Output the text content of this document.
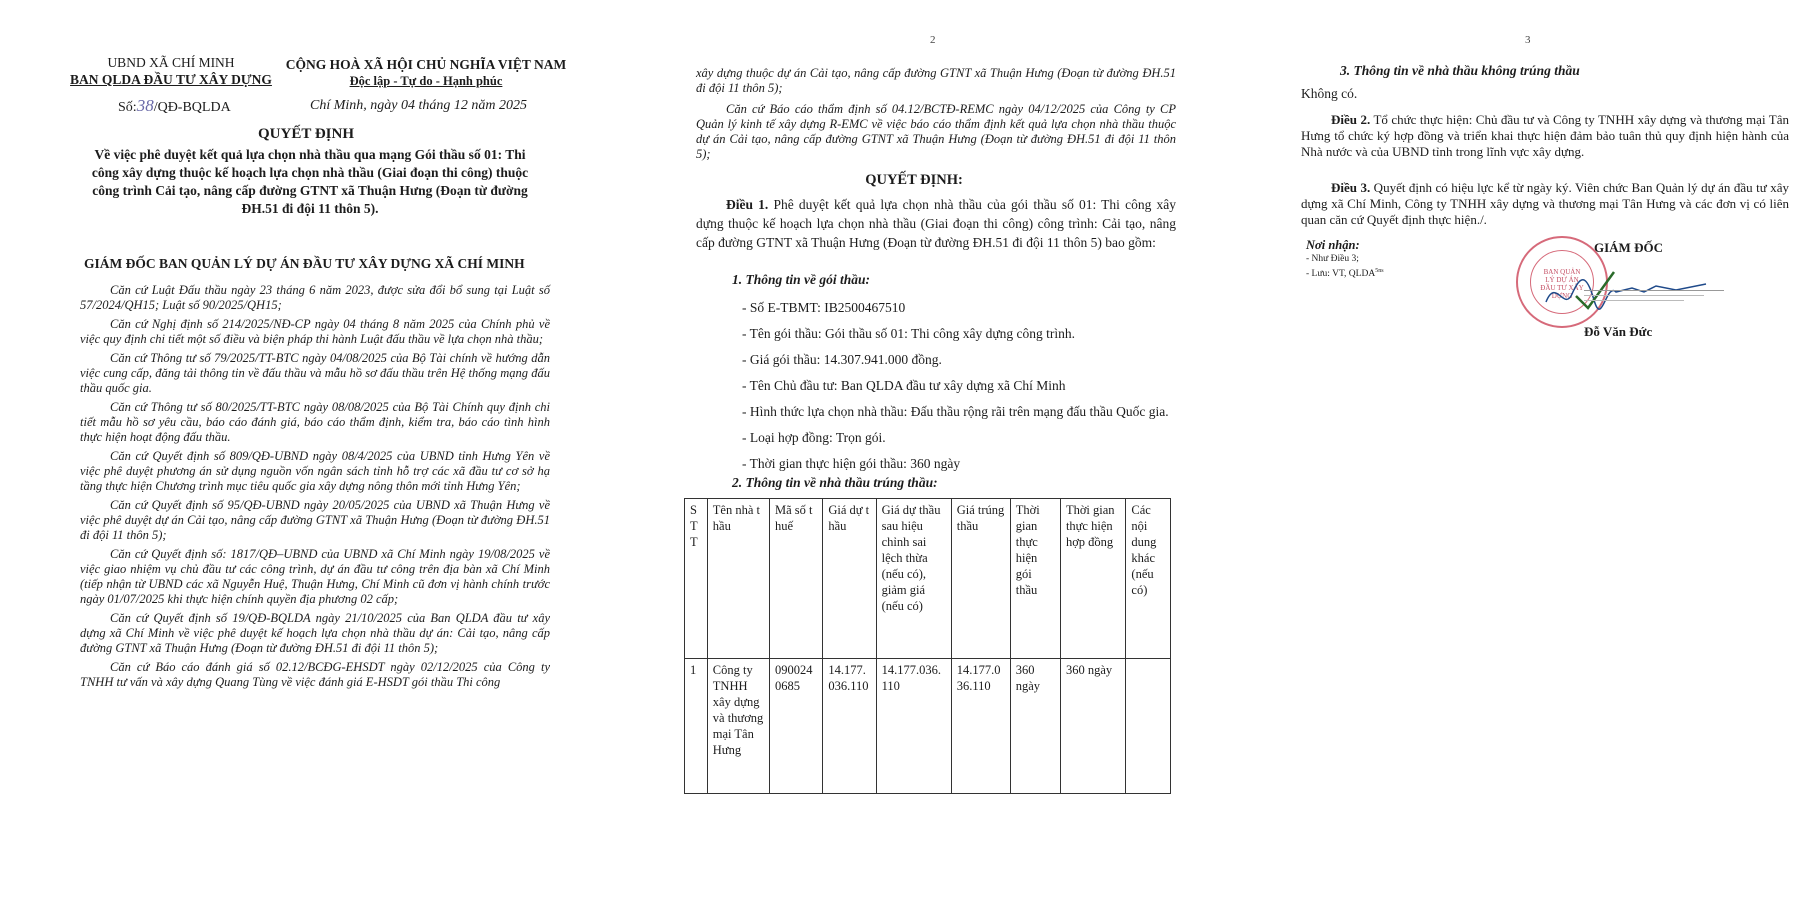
UBND XÃ CHÍ MINH
BAN QLDA ĐẦU TƯ XÂY DỰNG
CỘNG HOÀ XÃ HỘI CHỦ NGHĨA VIỆT NAM
Độc lập - Tự do - Hạnh phúc
Số:38/QĐ-BQLDA	Chí Minh, ngày 04 tháng 12 năm 2025
QUYẾT ĐỊNH
Về việc phê duyệt kết quả lựa chọn nhà thầu qua mạng Gói thầu số 01: Thi công xây dựng thuộc kế hoạch lựa chọn nhà thầu (Giai đoạn thi công) thuộc công trình Cải tạo, nâng cấp đường GTNT xã Thuận Hưng (Đoạn từ đường ĐH.51 đi đội 11 thôn 5).
GIÁM ĐỐC BAN QUẢN LÝ DỰ ÁN ĐẦU TƯ XÂY DỰNG XÃ CHÍ MINH
Căn cứ Luật Đấu thầu ngày 23 tháng 6 năm 2023, được sửa đổi bổ sung tại Luật số 57/2024/QH15; Luật số 90/2025/QH15;
Căn cứ Nghị định số 214/2025/NĐ-CP ngày 04 tháng 8 năm 2025 của Chính phủ về việc quy định chi tiết một số điều và biện pháp thi hành Luật đấu thầu về lựa chọn nhà thầu;
Căn cứ Thông tư số 79/2025/TT-BTC ngày 04/08/2025 của Bộ Tài chính về hướng dẫn việc cung cấp, đăng tải thông tin về đấu thầu và mẫu hồ sơ đấu thầu trên Hệ thống mạng đấu thầu quốc gia.
Căn cứ Thông tư số 80/2025/TT-BTC ngày 08/08/2025 của Bộ Tài Chính quy định chi tiết mẫu hồ sơ yêu cầu, báo cáo đánh giá, báo cáo thẩm định, kiểm tra, báo cáo tình hình thực hiện hoạt động đấu thầu.
Căn cứ Quyết định số 809/QĐ-UBND ngày 08/4/2025 của UBND tỉnh Hưng Yên về việc phê duyệt phương án sử dụng nguồn vốn ngân sách tỉnh hỗ trợ các xã đầu tư cơ sở hạ tầng thực hiện Chương trình mục tiêu quốc gia xây dựng nông thôn mới tỉnh Hưng Yên;
Căn cứ Quyết định số 95/QĐ-UBND ngày 20/05/2025 của UBND xã Thuận Hưng về việc phê duyệt dự án Cải tạo, nâng cấp đường GTNT xã Thuận Hưng (Đoạn từ đường ĐH.51 đi đội 11 thôn 5);
Căn cứ Quyết định số: 1817/QĐ–UBND của UBND xã Chí Minh ngày 19/08/2025 về việc giao nhiệm vụ chủ đầu tư các công trình, dự án đầu tư công trên địa bàn xã Chí Minh (tiếp nhận từ UBND các xã Nguyễn Huệ, Thuận Hưng, Chí Minh cũ đơn vị hành chính trước ngày 01/07/2025 khi thực hiện chính quyền địa phương 02 cấp;
Căn cứ Quyết định số 19/QĐ-BQLDA ngày 21/10/2025 của Ban QLDA đầu tư xây dựng xã Chí Minh về việc phê duyệt kế hoạch lựa chọn nhà thầu dự án: Cải tạo, nâng cấp đường GTNT xã Thuận Hưng (Đoạn từ đường ĐH.51 đi đội 11 thôn 5);
Căn cứ Báo cáo đánh giá số 02.12/BCĐG-EHSDT ngày 02/12/2025 của Công ty TNHH tư vấn và xây dựng Quang Tùng về việc đánh giá E-HSDT gói thầu Thi công
2
xây dựng thuộc dự án Cải tạo, nâng cấp đường GTNT xã Thuận Hưng (Đoạn từ đường ĐH.51 đi đội 11 thôn 5);
Căn cứ Báo cáo thẩm định số 04.12/BCTĐ-REMC ngày 04/12/2025 của Công ty CP Quản lý kinh tế xây dựng R-EMC về việc báo cáo thẩm định kết quả lựa chọn nhà thầu thuộc dự án Cải tạo, nâng cấp đường GTNT xã Thuận Hưng (Đoạn từ đường ĐH.51 đi đội 11 thôn 5);
QUYẾT ĐỊNH:
Điều 1. Phê duyệt kết quả lựa chọn nhà thầu của gói thầu số 01: Thi công xây dựng thuộc kế hoạch lựa chọn nhà thầu (Giai đoạn thi công) công trình: Cải tạo, nâng cấp đường GTNT xã Thuận Hưng (Đoạn từ đường ĐH.51 đi đội 11 thôn 5) bao gồm:
1. Thông tin về gói thầu:
- Số E-TBMT: IB2500467510
- Tên gói thầu: Gói thầu số 01: Thi công xây dựng công trình.
- Giá gói thầu: 14.307.941.000 đồng.
- Tên Chủ đầu tư: Ban QLDA đầu tư xây dựng xã Chí Minh
- Hình thức lựa chọn nhà thầu: Đấu thầu rộng rãi trên mạng đấu thầu Quốc gia.
- Loại hợp đồng: Trọn gói.
- Thời gian thực hiện gói thầu: 360 ngày
2. Thông tin về nhà thầu trúng thầu:
STT	Tên nhà thầu	Mã số thuế	Giá dự thầu	Giá dự thầu sau hiệu chỉnh sai lệch thừa (nếu có), giảm giá (nếu có)	Giá trúng thầu	Thời gian thực hiện gói thầu	Thời gian thực hiện hợp đồng	Các nội dung khác (nếu có)
1	Công ty TNHH xây dựng và thương mại Tân Hưng	0900240685	14.177.036.110	14.177.036.110	14.177.036.110	360 ngày	360 ngày	
3
3. Thông tin về nhà thầu không trúng thầu
Không có.
Điều 2. Tổ chức thực hiện: Chủ đầu tư và Công ty TNHH xây dựng và thương mại Tân Hưng tổ chức ký hợp đồng và triển khai thực hiện đảm bảo tuân thủ quy định hiện hành của Nhà nước và của UBND tỉnh trong lĩnh vực xây dựng.
Điều 3. Quyết định có hiệu lực kể từ ngày ký. Viên chức Ban Quản lý dự án đầu tư xây dựng xã Chí Minh, Công ty TNHH xây dựng và thương mại Tân Hưng và các đơn vị có liên quan căn cứ Quyết định thực hiện./.
Nơi nhận:
- Như Điều 3;
- Lưu: VT, $QLDA^{5ns}$
GIÁM ĐỐC
BAN QUẢN LÝ DỰ ÁN ĐẦU TƯ XÂY DỰNG
Đỗ Văn Đức
